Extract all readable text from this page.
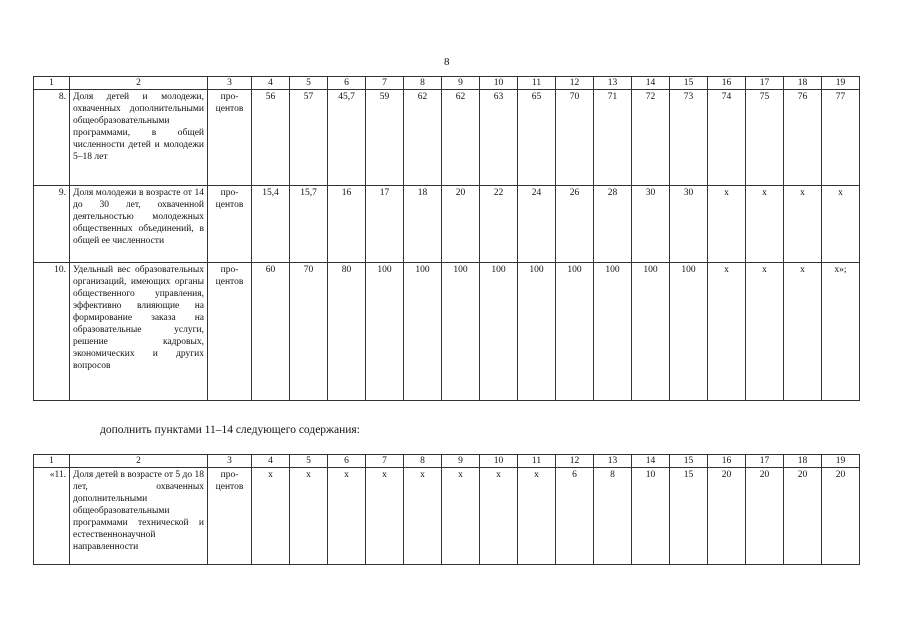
8
1	2	3	4	5	6	7	8	9	10	11	12	13	14	15	16	17	18	19
8.	Доля детей и молодежи, охваченных дополнительными общеобразовательными программами, в общей численности детей и молодежи 5–18 лет	про-центов	56	57	45,7	59	62	62	63	65	70	71	72	73	74	75	76	77
9.	Доля молодежи в возрасте от 14 до 30 лет, охваченной деятельностью молодежных общественных объединений, в общей ее численности	про-центов	15,4	15,7	16	17	18	20	22	24	26	28	30	30	x	x	x	x
10.	Удельный вес образовательных организаций, имеющих органы общественного управления, эффективно влияющие на формирование заказа на образовательные услуги, решение кадровых, экономических и других вопросов	про-центов	60	70	80	100	100	100	100	100	100	100	100	100	x	x	x	x»;
дополнить пунктами 11–14 следующего содержания:
1	2	3	4	5	6	7	8	9	10	11	12	13	14	15	16	17	18	19
«11.	Доля детей в возрасте от 5 до 18 лет, охваченных дополнительными общеобразовательными программами технической и естественнонаучной направленности	про-центов	x	x	x	x	x	x	x	x	6	8	10	15	20	20	20	20
